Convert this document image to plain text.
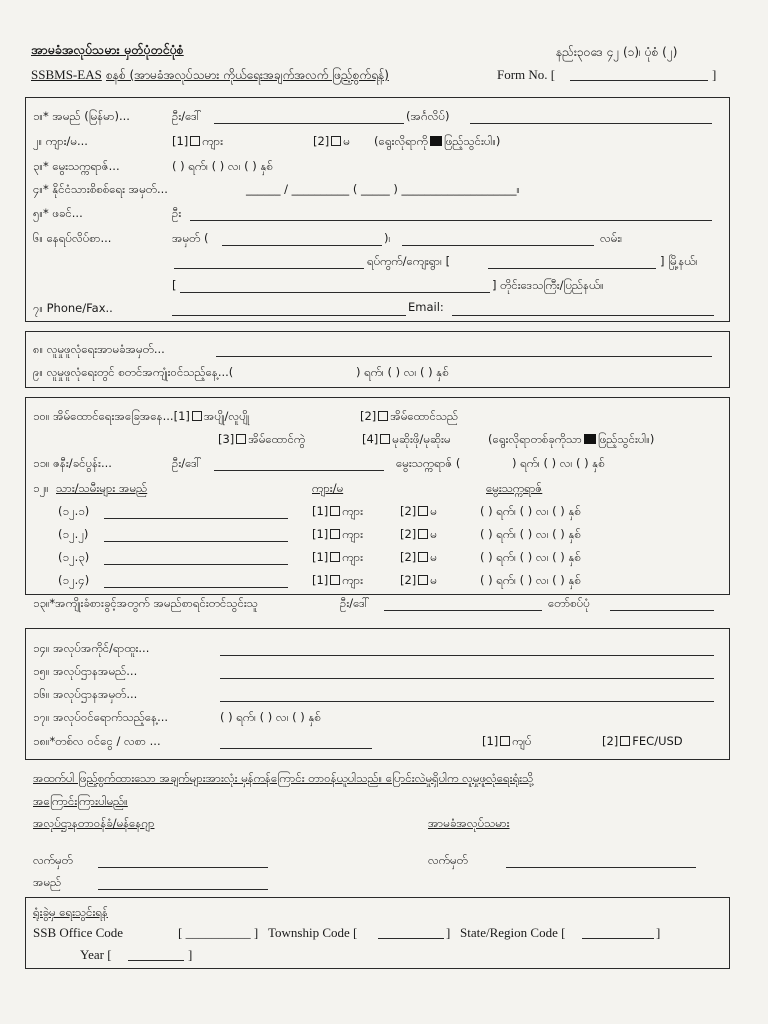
အာမခံအလုပ်သမား မှတ်ပုံတင်ပုံစံ	နည်း၃၀ဒေ ၄၂ (၁)၊ ပုံစံ (၂)
SSBMS-EAS စနစ် (အာမခံအလုပ်သမား ကိုယ်ရေးအချက်အလက် ဖြည့်စွက်ရန်)	Form No. [	]
၁။* အမည် (မြန်မာ)...	ဦး/ဒေါ်	(အင်္ဂလိပ်)
၂။ ကျား/မ...	[1] ကျား	[2] မ (ရွေးလိုရာကို ဖြည့်သွင်းပါ။)
၃။* မွေးသက္ကရာဇ်...	( ) ရက်၊ ( ) လ၊ ( ) နှစ်
၄။* နိုင်ငံသားစိစစ်ရေး အမှတ်...	______ / __________ ( _____ ) ____________________။
၅။* ဖခင်...	ဦး
၆။ နေရပ်လိပ်စာ...	အမှတ် (	)၊	လမ်း၊
ရပ်ကွက်/ကျေးရွာ၊ [	] မြို့နယ်၊
[	] တိုင်းဒေသကြီး/ပြည်နယ်။
၇။ Phone/Fax..	Email:
၈။ လူမှုဖူလုံရေးအာမခံအမှတ်...
၉။ လူမှုဖူလုံရေးတွင် စတင်အကျုံးဝင်သည့်နေ့...(	) ရက်၊ ( ) လ၊ ( ) နှစ်
၁၀။ အိမ်ထောင်ရေးအခြေအနေ...[1] အပျို/လူပျို	[2] အိမ်ထောင်သည်
[3] အိမ်ထောင်ကွဲ	[4] မုဆိုးဖို/မုဆိုးမ	(ရွေးလိုရာတစ်ခုကိုသာ ဖြည့်သွင်းပါ။)
၁၁။ ဇနီး/ခင်ပွန်း...	ဦး/ဒေါ်	မွေးသက္ကရာဇ် (	) ရက်၊ ( ) လ၊ ( ) နှစ်
၁၂။ သား/သမီးများ အမည်	ကျား/မ	မွေးသက္ကရာဇ်
(၁၂.၁)	[1] ကျား	[2] မ	( ) ရက်၊ ( ) လ၊ ( ) နှစ်
(၁၂.၂)	[1] ကျား	[2] မ	( ) ရက်၊ ( ) လ၊ ( ) နှစ်
(၁၂.၃)	[1] ကျား	[2] မ	( ) ရက်၊ ( ) လ၊ ( ) နှစ်
(၁၂.၄)	[1] ကျား	[2] မ	( ) ရက်၊ ( ) လ၊ ( ) နှစ်
၁၃။*အကျိုးခံစားခွင့်အတွက် အမည်စာရင်းတင်သွင်းသူ	ဦး/ဒေါ်	တော်စပ်ပုံ
၁၄။ အလုပ်အကိုင်/ရာထူး...
၁၅။ အလုပ်ဌာနအမည်...
၁၆။ အလုပ်ဌာနအမှတ်...
၁၇။ အလုပ်ဝင်ရောက်သည့်နေ့...	( ) ရက်၊ ( ) လ၊ ( ) နှစ်
၁၈။*တစ်လ ဝင်ငွေ / လစာ ...	[1] ကျပ်	[2] FEC/USD
အထက်ပါ ဖြည့်စွက်ထားသော အချက်များအားလုံး မှန်ကန်ကြောင်း တာဝန်ယူပါသည်။ ပြောင်းလဲမှုရှိပါက လူမှုဖူလုံရေးရုံးသို့
အကြောင်းကြားပါမည်။
အလုပ်ဌာနတာဝန်ခံ/မန်နေဂျာ	အာမခံအလုပ်သမား
လက်မှတ်	လက်မှတ်
အမည်
ရုံးခွဲမှ ရေးသွင်းရန်
SSB Office Code	[ __________ ] Township Code [	] State/Region Code [	]
Year [	]
